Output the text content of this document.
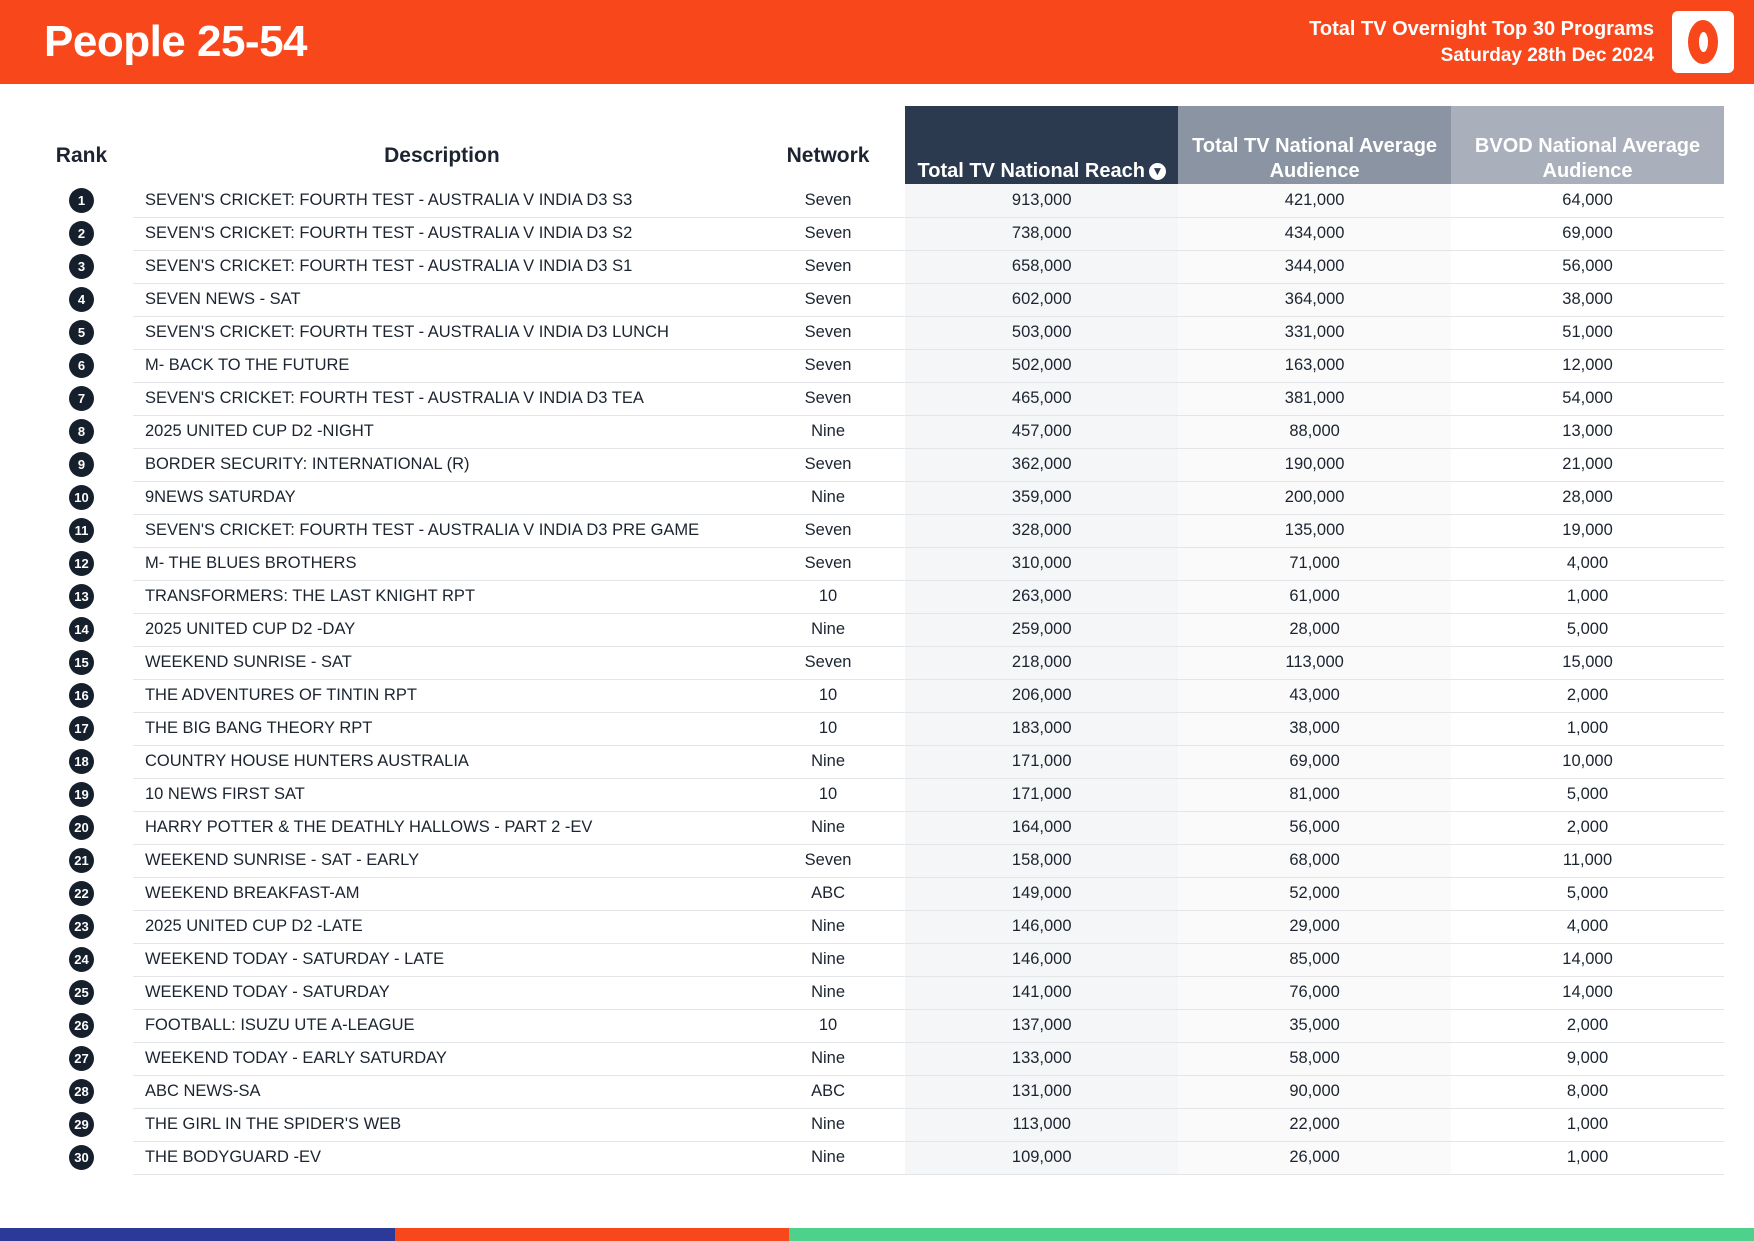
People 25-54	Total TV Overnight Top 30 Programs
Saturday 28th Dec 2024
Rank	Description	Network	Total TV National Reach ▼	Total TV National Average Audience	BVOD National Average Audience
1	SEVEN'S CRICKET: FOURTH TEST - AUSTRALIA V INDIA D3 S3	Seven	913,000	421,000	64,000
2	SEVEN'S CRICKET: FOURTH TEST - AUSTRALIA V INDIA D3 S2	Seven	738,000	434,000	69,000
3	SEVEN'S CRICKET: FOURTH TEST - AUSTRALIA V INDIA D3 S1	Seven	658,000	344,000	56,000
4	SEVEN NEWS - SAT	Seven	602,000	364,000	38,000
5	SEVEN'S CRICKET: FOURTH TEST - AUSTRALIA V INDIA D3 LUNCH	Seven	503,000	331,000	51,000
6	M- BACK TO THE FUTURE	Seven	502,000	163,000	12,000
7	SEVEN'S CRICKET: FOURTH TEST - AUSTRALIA V INDIA D3 TEA	Seven	465,000	381,000	54,000
8	2025 UNITED CUP D2 -NIGHT	Nine	457,000	88,000	13,000
9	BORDER SECURITY: INTERNATIONAL (R)	Seven	362,000	190,000	21,000
10	9NEWS SATURDAY	Nine	359,000	200,000	28,000
11	SEVEN'S CRICKET: FOURTH TEST - AUSTRALIA V INDIA D3 PRE GAME	Seven	328,000	135,000	19,000
12	M- THE BLUES BROTHERS	Seven	310,000	71,000	4,000
13	TRANSFORMERS: THE LAST KNIGHT RPT	10	263,000	61,000	1,000
14	2025 UNITED CUP D2 -DAY	Nine	259,000	28,000	5,000
15	WEEKEND SUNRISE - SAT	Seven	218,000	113,000	15,000
16	THE ADVENTURES OF TINTIN RPT	10	206,000	43,000	2,000
17	THE BIG BANG THEORY RPT	10	183,000	38,000	1,000
18	COUNTRY HOUSE HUNTERS AUSTRALIA	Nine	171,000	69,000	10,000
19	10 NEWS FIRST SAT	10	171,000	81,000	5,000
20	HARRY POTTER & THE DEATHLY HALLOWS - PART 2 -EV	Nine	164,000	56,000	2,000
21	WEEKEND SUNRISE - SAT - EARLY	Seven	158,000	68,000	11,000
22	WEEKEND BREAKFAST-AM	ABC	149,000	52,000	5,000
23	2025 UNITED CUP D2 -LATE	Nine	146,000	29,000	4,000
24	WEEKEND TODAY - SATURDAY - LATE	Nine	146,000	85,000	14,000
25	WEEKEND TODAY - SATURDAY	Nine	141,000	76,000	14,000
26	FOOTBALL: ISUZU UTE A-LEAGUE	10	137,000	35,000	2,000
27	WEEKEND TODAY - EARLY SATURDAY	Nine	133,000	58,000	9,000
28	ABC NEWS-SA	ABC	131,000	90,000	8,000
29	THE GIRL IN THE SPIDER'S WEB	Nine	113,000	22,000	1,000
30	THE BODYGUARD -EV	Nine	109,000	26,000	1,000
